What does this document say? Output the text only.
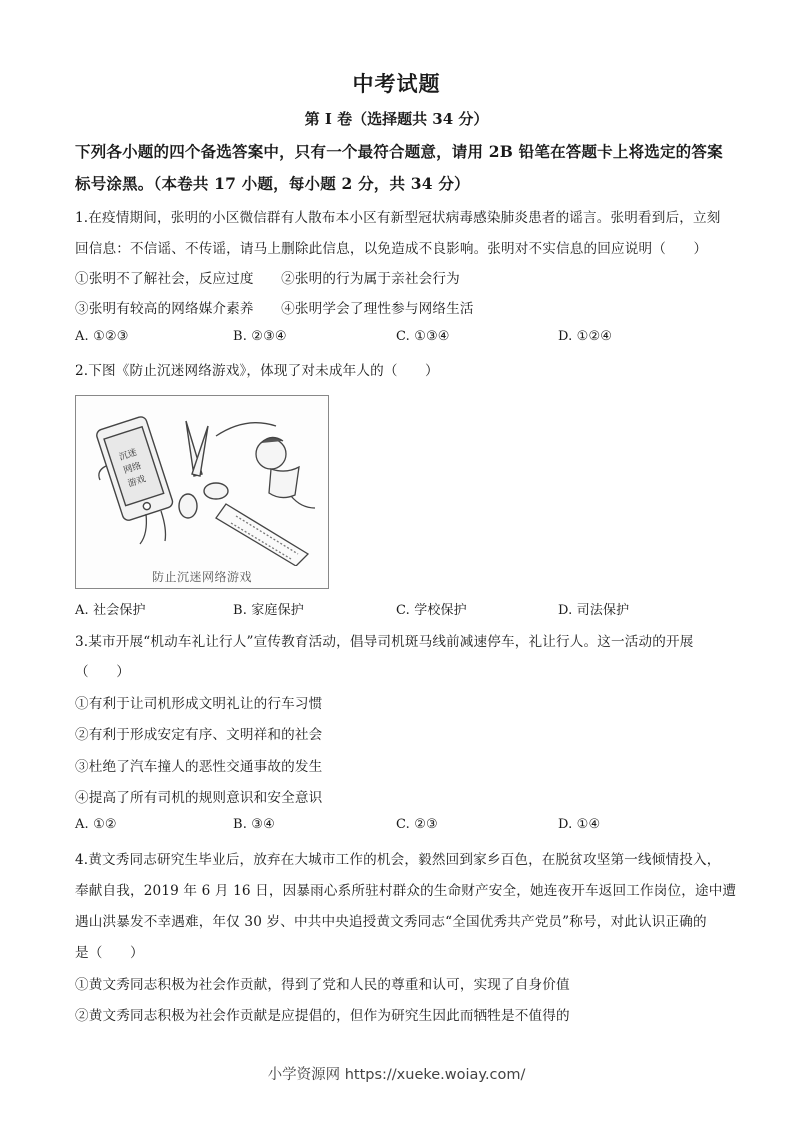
中考试题
第 I 卷（选择题共 34 分）
下列各小题的四个备选答案中，只有一个最符合题意，请用 2B 铅笔在答题卡上将选定的答案
标号涂黑。（本卷共 17 小题，每小题 2 分，共 34 分）
1.在疫情期间，张明的小区微信群有人散布本小区有新型冠状病毒感染肺炎患者的谣言。张明看到后，立刻
回信息：不信谣、不传谣，请马上删除此信息，以免造成不良影响。张明对不实信息的回应说明（　　）
①张明不了解社会，反应过度　　②张明的行为属于亲社会行为
③张明有较高的网络媒介素养　　④张明学会了理性参与网络生活
A. ①②③	B. ②③④	C. ①③④	D. ①②④
2.下图《防止沉迷网络游戏》，体现了对未成年人的（　　）
沉迷
网络
游戏
防止沉迷网络游戏
A. 社会保护	B. 家庭保护	C. 学校保护	D. 司法保护
3.某市开展“机动车礼让行人”宣传教育活动，倡导司机斑马线前减速停车，礼让行人。这一活动的开展
（　　）
①有利于让司机形成文明礼让的行车习惯
②有利于形成安定有序、文明祥和的社会
③杜绝了汽车撞人的恶性交通事故的发生
④提高了所有司机的规则意识和安全意识
A. ①②	B. ③④	C. ②③	D. ①④
4.黄文秀同志研究生毕业后，放弃在大城市工作的机会，毅然回到家乡百色，在脱贫攻坚第一线倾情投入，
奉献自我，2019 年 6 月 16 日，因暴雨心系所驻村群众的生命财产安全，她连夜开车返回工作岗位，途中遭
遇山洪暴发不幸遇难，年仅 30 岁、中共中央追授黄文秀同志“全国优秀共产党员”称号，对此认识正确的
是（　　）
①黄文秀同志积极为社会作贡献，得到了党和人民的尊重和认可，实现了自身价值
②黄文秀同志积极为社会作贡献是应提倡的，但作为研究生因此而牺牲是不值得的
小学资源网 https://xueke.woiay.com/
